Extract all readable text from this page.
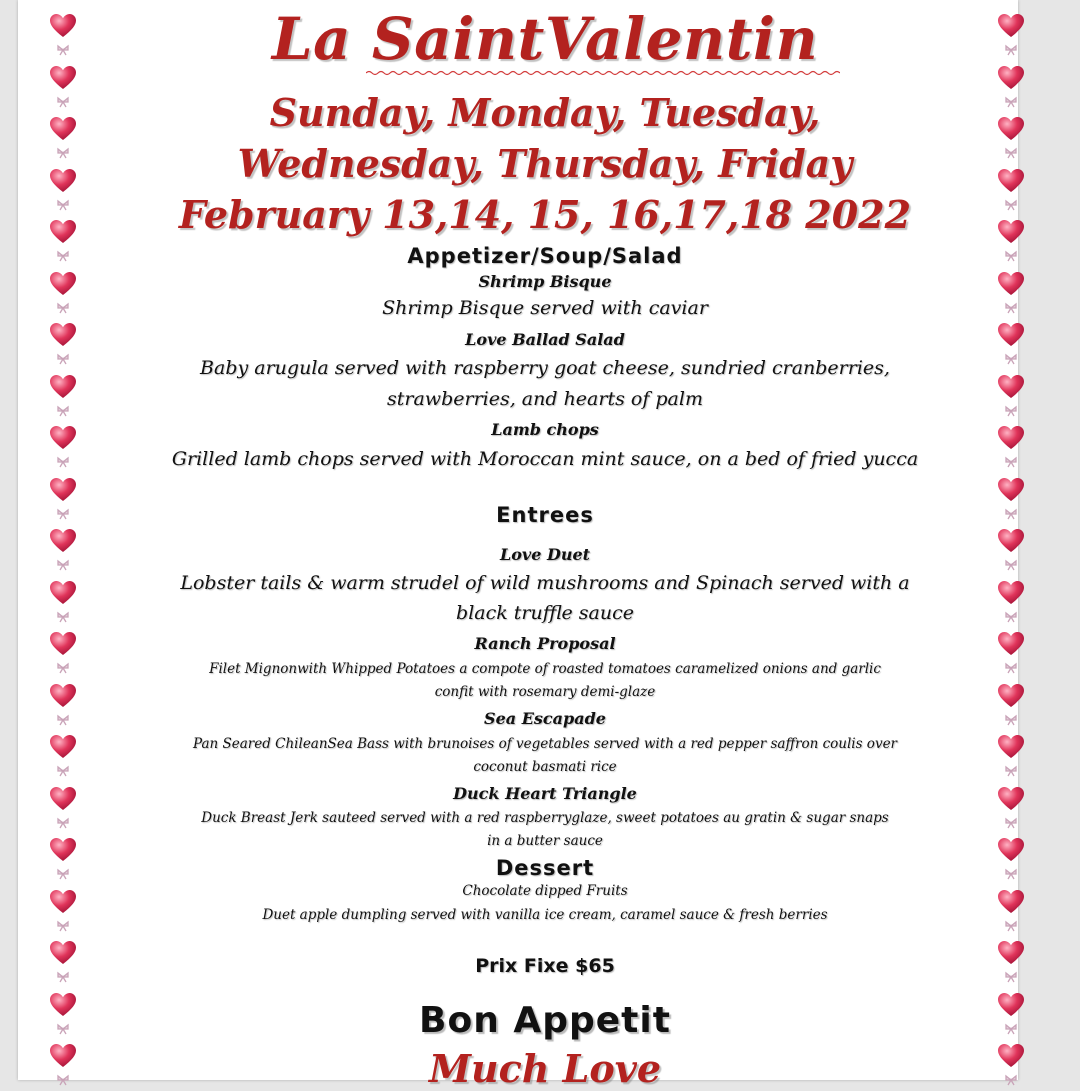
La SaintValentin

Sunday, Monday, Tuesday,

Wednesday, Thursday, Friday

February 13,14, 15, 16,17,18 2022

Appetizer/Soup/Salad

Shrimp Bisque

Shrimp Bisque served with caviar

Love Ballad Salad

Baby arugula served with raspberry goat cheese, sundried cranberries,

strawberries, and hearts of palm

Lamb chops

Grilled lamb chops served with Moroccan mint sauce, on a bed of fried yucca

Entrees

Love Duet

Lobster tails & warm strudel of wild mushrooms and Spinach served with a

black truffle sauce

Ranch Proposal

Filet Mignonwith Whipped Potatoes a compote of roasted tomatoes caramelized onions and garlic

confit with rosemary demi-glaze

Sea Escapade

Pan Seared ChileanSea Bass with brunoises of vegetables served with a red pepper saffron coulis over

coconut basmati rice

Duck Heart Triangle

Duck Breast Jerk sauteed served with a red raspberryglaze, sweet potatoes au gratin & sugar snaps

in a butter sauce

Dessert

Chocolate dipped Fruits

Duet apple dumpling served with vanilla ice cream, caramel sauce & fresh berries

Prix Fixe $65

Bon Appetit

Much Love
